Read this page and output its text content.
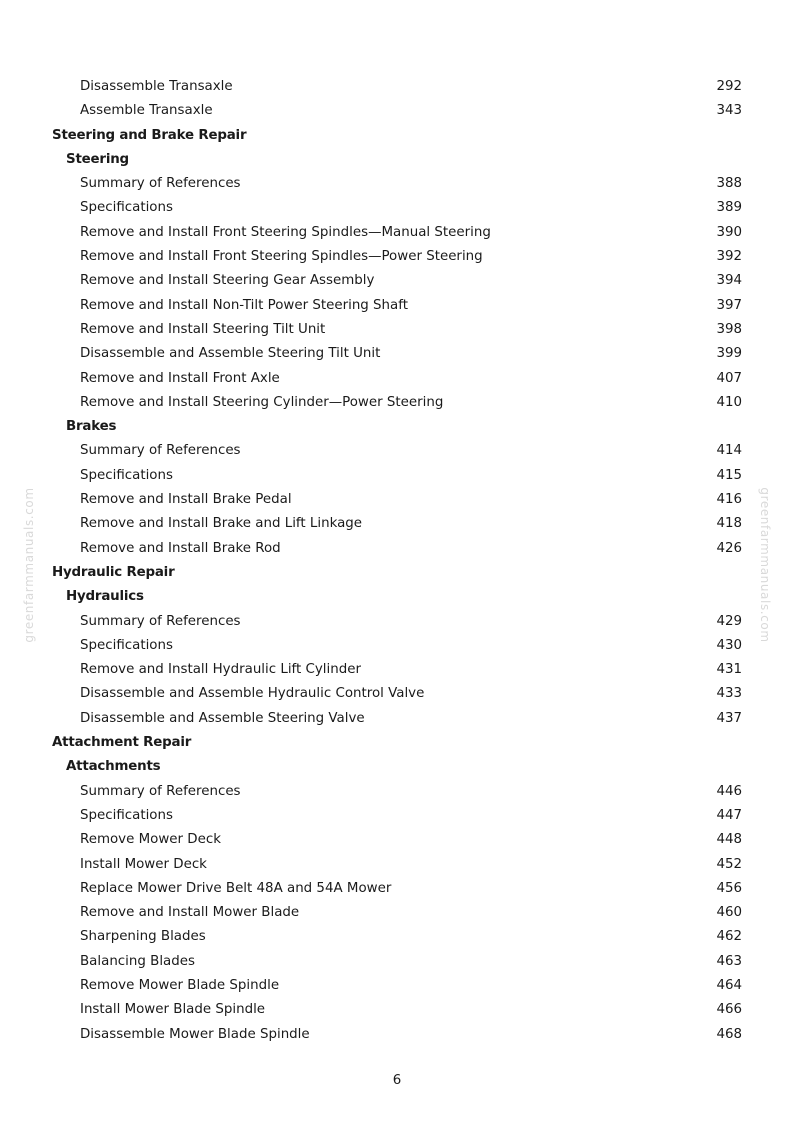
Disassemble Transaxle	292
Assemble Transaxle	343
Steering and Brake Repair
Steering
Summary of References	388
Specifications	389
Remove and Install Front Steering Spindles—Manual Steering	390
Remove and Install Front Steering Spindles—Power Steering	392
Remove and Install Steering Gear Assembly	394
Remove and Install Non-Tilt Power Steering Shaft	397
Remove and Install Steering Tilt Unit	398
Disassemble and Assemble Steering Tilt Unit	399
Remove and Install Front Axle	407
Remove and Install Steering Cylinder—Power Steering	410
Brakes
Summary of References	414
Specifications	415
Remove and Install Brake Pedal	416
Remove and Install Brake and Lift Linkage	418
Remove and Install Brake Rod	426
Hydraulic Repair
Hydraulics
Summary of References	429
Specifications	430
Remove and Install Hydraulic Lift Cylinder	431
Disassemble and Assemble Hydraulic Control Valve	433
Disassemble and Assemble Steering Valve	437
Attachment Repair
Attachments
Summary of References	446
Specifications	447
Remove Mower Deck	448
Install Mower Deck	452
Replace Mower Drive Belt 48A and 54A Mower	456
Remove and Install Mower Blade	460
Sharpening Blades	462
Balancing Blades	463
Remove Mower Blade Spindle	464
Install Mower Blade Spindle	466
Disassemble Mower Blade Spindle	468
greenfarmmanuals.com	greenfarmmanuals.com
6
